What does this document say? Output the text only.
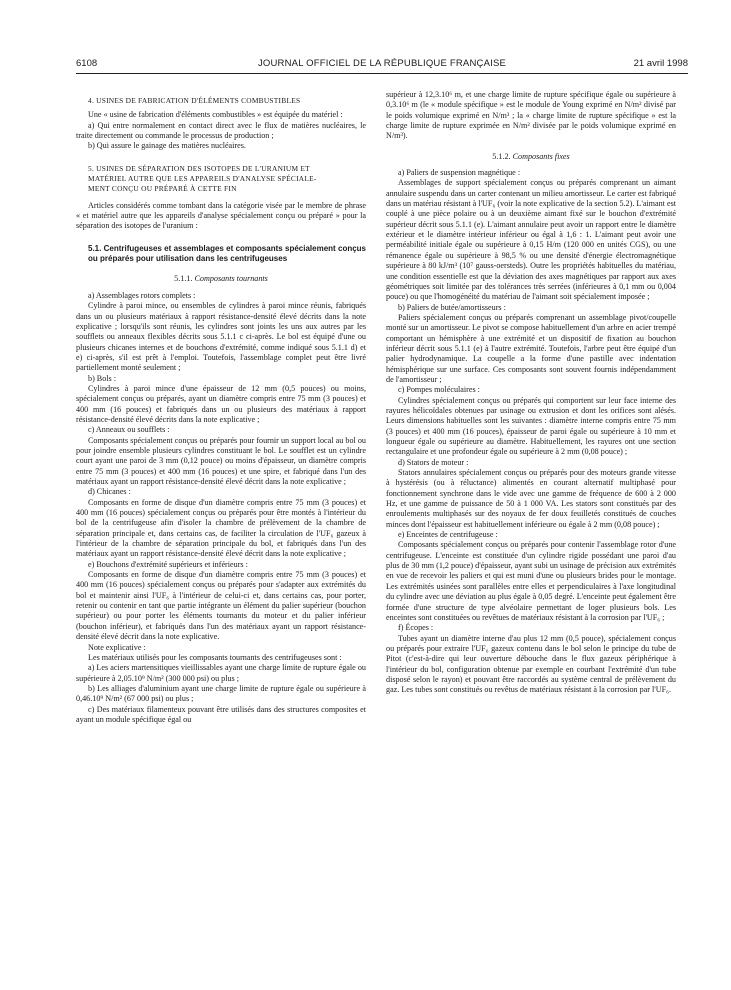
6108	JOURNAL OFFICIEL DE LA RÉPUBLIQUE FRANÇAISE	21 avril 1998

4. USINES DE FABRICATION D'ÉLÉMENTS COMBUSTIBLES

Une « usine de fabrication d'éléments combustibles » est équipée du matériel :

a) Qui entre normalement en contact direct avec le flux de matières nucléaires, le traite directement ou commande le processus de production ;

b) Qui assure le gainage des matières nucléaires.

5. USINES DE SÉPARATION DES ISOTOPES DE L'URANIUM ET
MATÉRIEL AUTRE QUE LES APPAREILS D'ANALYSE SPÉCIALE-
MENT CONÇU OU PRÉPARÉ À CETTE FIN

Articles considérés comme tombant dans la catégorie visée par le membre de phrase « et matériel autre que les appareils d'analyse spécialement conçu ou préparé » pour la séparation des isotopes de l'uranium :

5.1. Centrifugeuses et assemblages et composants spécialement conçus ou préparés pour utilisation dans les centrifugeuses

5.1.1. Composants tournants

a) Assemblages rotors complets :

Cylindre à paroi mince, ou ensembles de cylindres à paroi mince réunis, fabriqués dans un ou plusieurs matériaux à rapport résistance-densité élevé décrits dans la note explicative ; lorsqu'ils sont réunis, les cylindres sont joints les uns aux autres par les soufflets ou anneaux flexibles décrits sous 5.1.1 c ci-après. Le bol est équipé d'une ou plusieurs chicanes internes et de bouchons d'extrémité, comme indiqué sous 5.1.1 d) et e) ci-après, s'il est prêt à l'emploi. Toutefois, l'assemblage complet peut être livré partiellement monté seulement ;

b) Bols :

Cylindres à paroi mince d'une épaisseur de 12 mm (0,5 pouces) ou moins, spécialement conçus ou préparés, ayant un diamètre compris entre 75 mm (3 pouces) et 400 mm (16 pouces) et fabriqués dans un ou plusieurs des matériaux à rapport résistance-densité élevé décrits dans la note explicative ;

c) Anneaux ou soufflets :

Composants spécialement conçus ou préparés pour fournir un support local au bol ou pour joindre ensemble plusieurs cylindres constituant le bol. Le soufflet est un cylindre court ayant une paroi de 3 mm (0,12 pouce) ou moins d'épaisseur, un diamètre compris entre 75 mm (3 pouces) et 400 mm (16 pouces) et une spire, et fabriqué dans l'un des matériaux ayant un rapport résistance-densité élevé décrit dans la note explicative ;

d) Chicanes :

Composants en forme de disque d'un diamètre compris entre 75 mm (3 pouces) et 400 mm (16 pouces) spécialement conçus ou préparés pour être montés à l'intérieur du bol de la centrifugeuse afin d'isoler la chambre de prélèvement de la chambre de séparation principale et, dans certains cas, de faciliter la circulation de l'UF₆ gazeux à l'intérieur de la chambre de séparation principale du bol, et fabriqués dans l'un des matériaux ayant un rapport résistance-densité élevé décrit dans la note explicative ;

e) Bouchons d'extrémité supérieurs et inférieurs :

Composants en forme de disque d'un diamètre compris entre 75 mm (3 pouces) et 400 mm (16 pouces) spécialement conçus ou préparés pour s'adapter aux extrémités du bol et maintenir ainsi l'UF₆ à l'intérieur de celui-ci et, dans certains cas, pour porter, retenir ou contenir en tant que partie intégrante un élément du palier supérieur (bouchon supérieur) ou pour porter les éléments tournants du moteur et du palier inférieur (bouchon inférieur), et fabriqués dans l'un des matériaux ayant un rapport résistance-densité élevé décrit dans la note explicative.

Note explicative :

Les matériaux utilisés pour les composants tournants des centrifugeuses sont :

a) Les aciers martensitiques vieillissables ayant une charge limite de rupture égale ou supérieure à 2,05.10⁹ N/m² (300 000 psi) ou plus ;

b) Les alliages d'aluminium ayant une charge limite de rupture égale ou supérieure à 0,46.10⁹ N/m² (67 000 psi) ou plus ;

c) Des matériaux filamenteux pouvant être utilisés dans des structures composites et ayant un module spécifique égal ou

supérieur à 12,3.10⁶ m, et une charge limite de rupture spécifique égale ou supérieure à 0,3.10⁶ m (le « module spécifique » est le module de Young exprimé en N/m² divisé par le poids volumique exprimé en N/m³ ; la « charge limite de rupture spécifique » est la charge limite de rupture exprimée en N/m² divisée par le poids volumique exprimé en N/m³).

5.1.2. Composants fixes

a) Paliers de suspension magnétique :

Assemblages de support spécialement conçus ou préparés comprenant un aimant annulaire suspendu dans un carter contenant un milieu amortisseur. Le carter est fabriqué dans un matériau résistant à l'UF₆ (voir la note explicative de la section 5.2). L'aimant est couplé à une pièce polaire ou à un deuxième aimant fixé sur le bouchon d'extrémité supérieur décrit sous 5.1.1 (e). L'aimant annulaire peut avoir un rapport entre le diamètre extérieur et le diamètre intérieur inférieur ou égal à 1,6 : 1. L'aimant peut avoir une perméabilité initiale égale ou supérieure à 0,15 H/m (120 000 en unités CGS), ou une rémanence égale ou supérieure à 98,5 % ou une densité d'énergie électromagnétique supérieure à 80 kJ/m³ (10⁷ gauss-oersteds). Outre les propriétés habituelles du matériau, une condition essentielle est que la déviation des axes magnétiques par rapport aux axes géométriques soit limitée par des tolérances très serrées (inférieures à 0,1 mm ou 0,004 pouce) ou que l'homogénéité du matériau de l'aimant soit spécialement imposée ;

b) Paliers de butée/amortisseurs :

Paliers spécialement conçus ou préparés comprenant un assemblage pivot/coupelle monté sur un amortisseur. Le pivot se compose habituellement d'un arbre en acier trempé comportant un hémisphère à une extrémité et un dispositif de fixation au bouchon inférieur décrit sous 5.1.1 (e) à l'autre extrémité. Toutefois, l'arbre peut être équipé d'un palier hydrodynamique. La coupelle a la forme d'une pastille avec indentation hémisphérique sur une surface. Ces composants sont souvent fournis indépendamment de l'amortisseur ;

c) Pompes moléculaires :

Cylindres spécialement conçus ou préparés qui comportent sur leur face interne des rayures hélicoïdales obtenues par usinage ou extrusion et dont les orifices sont alésés. Leurs dimensions habituelles sont les suivantes : diamètre interne compris entre 75 mm (3 pouces) et 400 mm (16 pouces), épaisseur de paroi égale ou supérieure à 10 mm et longueur égale ou supérieure au diamètre. Habituellement, les rayures ont une section rectangulaire et une profondeur égale ou supérieure à 2 mm (0,08 pouce) ;

d) Stators de moteur :

Stators annulaires spécialement conçus ou préparés pour des moteurs grande vitesse à hystérésis (ou à réluctance) alimentés en courant alternatif multiphasé pour fonctionnement synchrone dans le vide avec une gamme de fréquence de 600 à 2 000 Hz, et une gamme de puissance de 50 à 1 000 VA. Les stators sont constitués par des enroulements multiphasés sur des noyaux de fer doux feuilletés constitués de couches minces dont l'épaisseur est habituellement inférieure ou égale à 2 mm (0,08 pouce) ;

e) Enceintes de centrifugeuse :

Composants spécialement conçus ou préparés pour contenir l'assemblage rotor d'une centrifugeuse. L'enceinte est constituée d'un cylindre rigide possédant une paroi d'au plus de 30 mm (1,2 pouce) d'épaisseur, ayant subi un usinage de précision aux extrémités en vue de recevoir les paliers et qui est muni d'une ou plusieurs brides pour le montage. Les extrémités usinées sont parallèles entre elles et perpendiculaires à l'axe longitudinal du cylindre avec une déviation au plus égale à 0,05 degré. L'enceinte peut également être formée d'une structure de type alvéolaire permettant de loger plusieurs bols. Les enceintes sont constituées ou revêtues de matériaux résistant à la corrosion par l'UF₆ ;

f) Écopes :

Tubes ayant un diamètre interne d'au plus 12 mm (0,5 pouce), spécialement conçus ou préparés pour extraire l'UF₆ gazeux contenu dans le bol selon le principe du tube de Pitot (c'est-à-dire qui leur ouverture débouche dans le flux gazeux périphérique à l'intérieur du bol, configuration obtenue par exemple en courbant l'extrémité d'un tube disposé selon le rayon) et pouvant être raccordés au système central de prélèvement du gaz. Les tubes sont constitués ou revêtus de matériaux résistant à la corrosion par l'UF₆.
